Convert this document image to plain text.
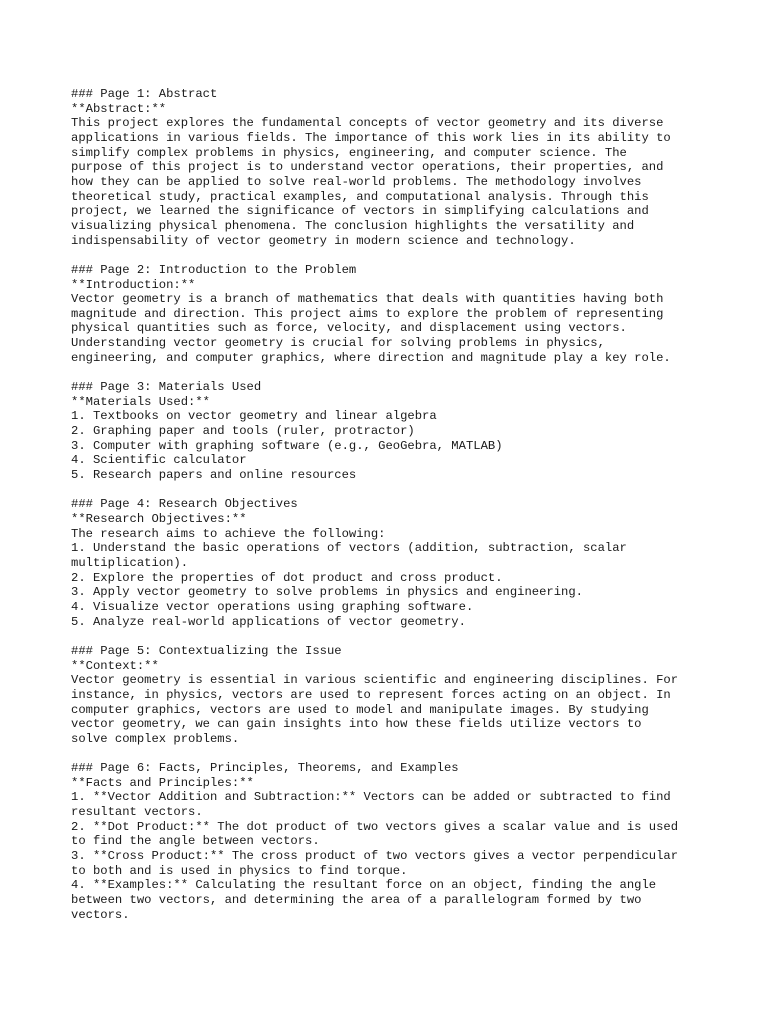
### Page 1: Abstract
**Abstract:**
This project explores the fundamental concepts of vector geometry and its diverse
applications in various fields. The importance of this work lies in its ability to
simplify complex problems in physics, engineering, and computer science. The
purpose of this project is to understand vector operations, their properties, and
how they can be applied to solve real-world problems. The methodology involves
theoretical study, practical examples, and computational analysis. Through this
project, we learned the significance of vectors in simplifying calculations and
visualizing physical phenomena. The conclusion highlights the versatility and
indispensability of vector geometry in modern science and technology.
### Page 2: Introduction to the Problem
**Introduction:**
Vector geometry is a branch of mathematics that deals with quantities having both
magnitude and direction. This project aims to explore the problem of representing
physical quantities such as force, velocity, and displacement using vectors.
Understanding vector geometry is crucial for solving problems in physics,
engineering, and computer graphics, where direction and magnitude play a key role.
### Page 3: Materials Used
**Materials Used:**
1. Textbooks on vector geometry and linear algebra
2. Graphing paper and tools (ruler, protractor)
3. Computer with graphing software (e.g., GeoGebra, MATLAB)
4. Scientific calculator
5. Research papers and online resources
### Page 4: Research Objectives
**Research Objectives:**
The research aims to achieve the following:
1. Understand the basic operations of vectors (addition, subtraction, scalar
multiplication).
2. Explore the properties of dot product and cross product.
3. Apply vector geometry to solve problems in physics and engineering.
4. Visualize vector operations using graphing software.
5. Analyze real-world applications of vector geometry.
### Page 5: Contextualizing the Issue
**Context:**
Vector geometry is essential in various scientific and engineering disciplines. For
instance, in physics, vectors are used to represent forces acting on an object. In
computer graphics, vectors are used to model and manipulate images. By studying
vector geometry, we can gain insights into how these fields utilize vectors to
solve complex problems.
### Page 6: Facts, Principles, Theorems, and Examples
**Facts and Principles:**
1. **Vector Addition and Subtraction:** Vectors can be added or subtracted to find
resultant vectors.
2. **Dot Product:** The dot product of two vectors gives a scalar value and is used
to find the angle between vectors.
3. **Cross Product:** The cross product of two vectors gives a vector perpendicular
to both and is used in physics to find torque.
4. **Examples:** Calculating the resultant force on an object, finding the angle
between two vectors, and determining the area of a parallelogram formed by two
vectors.
